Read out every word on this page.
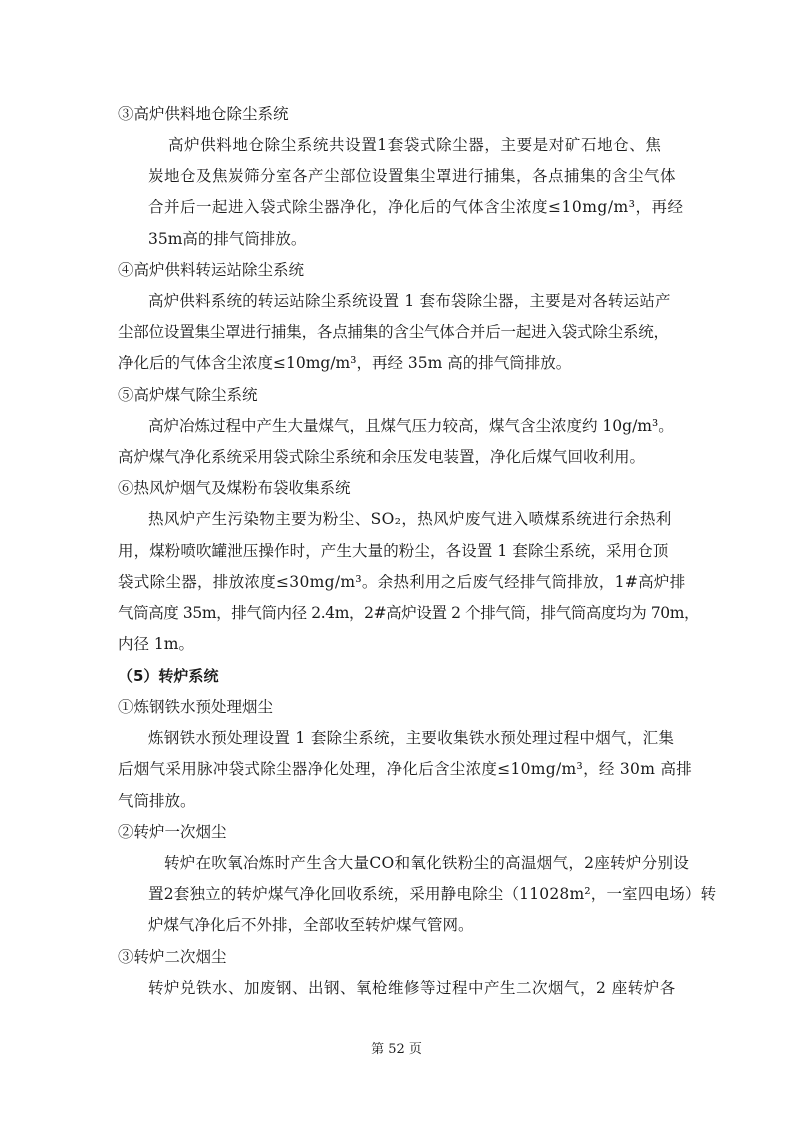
③高炉供料地仓除尘系统
高炉供料地仓除尘系统共设置1套袋式除尘器，主要是对矿石地仓、焦
炭地仓及焦炭筛分室各产尘部位设置集尘罩进行捕集，各点捕集的含尘气体
合并后一起进入袋式除尘器净化，净化后的气体含尘浓度≤10mg/m³，再经
35m高的排气筒排放。
④高炉供料转运站除尘系统
高炉供料系统的转运站除尘系统设置 1 套布袋除尘器，主要是对各转运站产
尘部位设置集尘罩进行捕集，各点捕集的含尘气体合并后一起进入袋式除尘系统，
净化后的气体含尘浓度≤10mg/m³，再经 35m 高的排气筒排放。
⑤高炉煤气除尘系统
高炉冶炼过程中产生大量煤气，且煤气压力较高，煤气含尘浓度约 10g/m³。
高炉煤气净化系统采用袋式除尘系统和余压发电装置，净化后煤气回收利用。
⑥热风炉烟气及煤粉布袋收集系统
热风炉产生污染物主要为粉尘、SO₂，热风炉废气进入喷煤系统进行余热利
用，煤粉喷吹罐泄压操作时，产生大量的粉尘，各设置 1 套除尘系统，采用仓顶
袋式除尘器，排放浓度≤30mg/m³。余热利用之后废气经排气筒排放，1#高炉排
气筒高度 35m，排气筒内径 2.4m，2#高炉设置 2 个排气筒，排气筒高度均为 70m，
内径 1m。
（5）转炉系统
①炼钢铁水预处理烟尘
炼钢铁水预处理设置 1 套除尘系统，主要收集铁水预处理过程中烟气，汇集
后烟气采用脉冲袋式除尘器净化处理，净化后含尘浓度≤10mg/m³，经 30m 高排
气筒排放。
②转炉一次烟尘
转炉在吹氧冶炼时产生含大量CO和氧化铁粉尘的高温烟气，2座转炉分别设
置2套独立的转炉煤气净化回收系统，采用静电除尘（11028m²，一室四电场）转
炉煤气净化后不外排，全部收至转炉煤气管网。
③转炉二次烟尘
转炉兑铁水、加废钢、出钢、氧枪维修等过程中产生二次烟气，2 座转炉各
第 52 页
